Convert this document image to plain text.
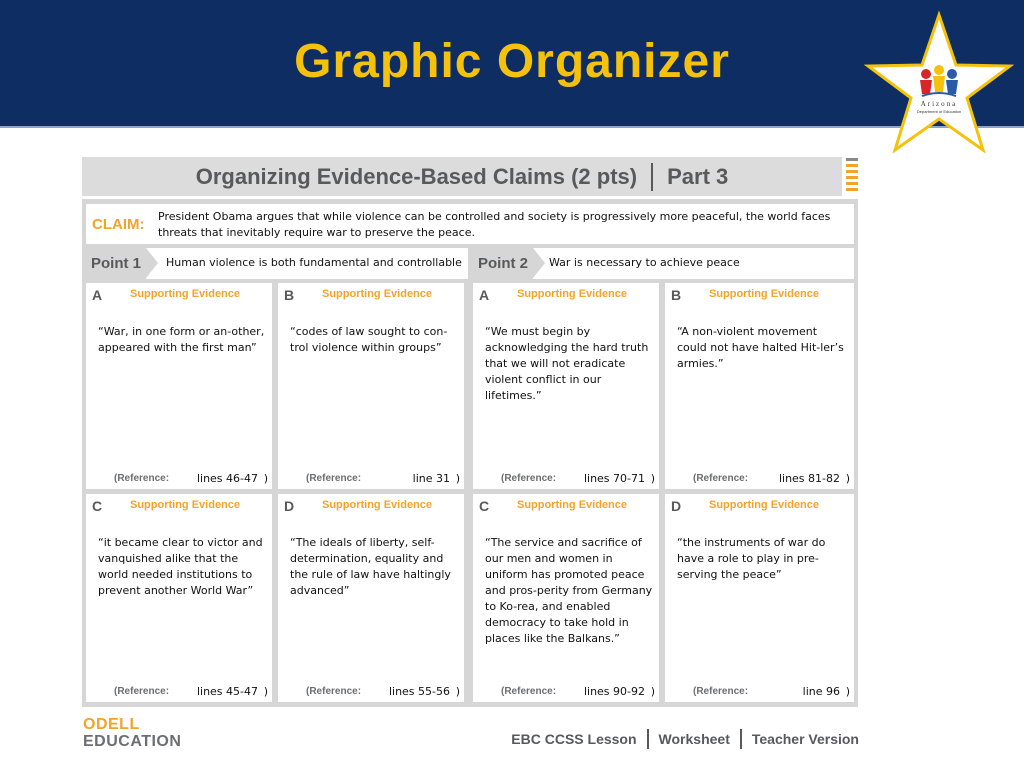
Graphic Organizer
Arizona
Department of Education
Organizing Evidence-Based Claims (2 pts) Part 3
CLAIM: President Obama argues that while violence can be controlled and society is progressively more peaceful, the world faces threats that inevitably require war to preserve the peace.
Point 1 Human violence is both fundamental and controllable Point 2 War is necessary to achieve peace
A	Supporting Evidence
“War, in one form or an-other, appeared with the first man”
(Reference:	lines 46-47 )
B	Supporting Evidence
“codes of law sought to con-trol violence within groups”
(Reference:	line 31 )
A	Supporting Evidence
“We must begin by acknowledging the hard truth that we will not eradicate violent conflict in our lifetimes.”
(Reference:	lines 70-71 )
B	Supporting Evidence
“A non-violent movement could not have halted Hit-ler’s armies.”
(Reference:	lines 81-82 )
C	Supporting Evidence
“it became clear to victor and vanquished alike that the world needed institutions to prevent another World War”
(Reference:	lines 45-47 )
D	Supporting Evidence
“The ideals of liberty, self-determination, equality and the rule of law have haltingly advanced”
(Reference:	lines 55-56 )
C	Supporting Evidence
“The service and sacrifice of our men and women in uniform has promoted peace and pros-perity from Germany to Ko-rea, and enabled democracy to take hold in places like the Balkans.”
(Reference:	lines 90-92 )
D	Supporting Evidence
“the instruments of war do have a role to play in pre-serving the peace”
(Reference:	line 96 )
ODELL
EDUCATION	EBC CCSS Lesson Worksheet Teacher Version
